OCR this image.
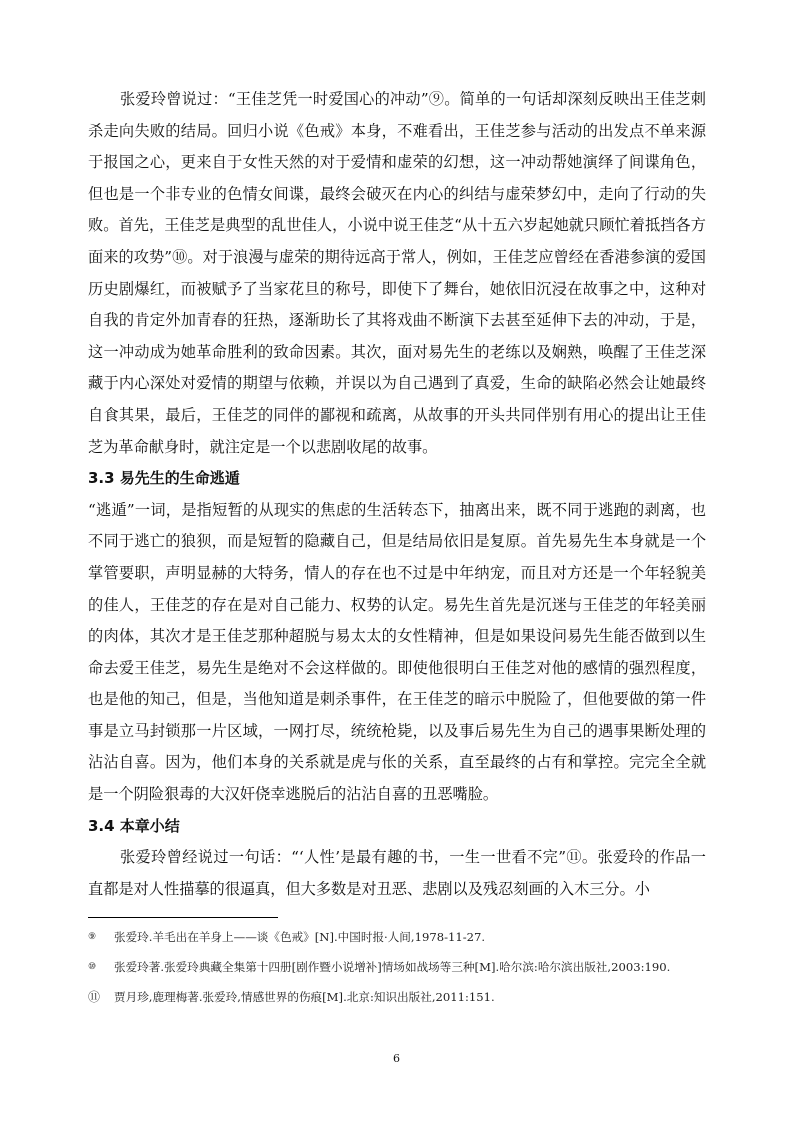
张爱玲曾说过：“王佳芝凭一时爱国心的冲动”⑨。简单的一句话却深刻反映出王佳芝刺杀走向失败的结局。回归小说《色戒》本身，不难看出，王佳芝参与活动的出发点不单来源于报国之心，更来自于女性天然的对于爱情和虚荣的幻想，这一冲动帮她演绎了间谍角色，但也是一个非专业的色情女间谍，最终会破灭在内心的纠结与虚荣梦幻中，走向了行动的失败。首先，王佳芝是典型的乱世佳人，小说中说王佳芝“从十五六岁起她就只顾忙着抵挡各方面来的攻势”⑩。对于浪漫与虚荣的期待远高于常人，例如，王佳芝应曾经在香港参演的爱国历史剧爆红，而被赋予了当家花旦的称号，即使下了舞台，她依旧沉浸在故事之中，这种对自我的肯定外加青春的狂热，逐渐助长了其将戏曲不断演下去甚至延伸下去的冲动，于是，这一冲动成为她革命胜利的致命因素。其次，面对易先生的老练以及娴熟，唤醒了王佳芝深藏于内心深处对爱情的期望与依赖，并误以为自己遇到了真爱，生命的缺陷必然会让她最终自食其果，最后，王佳芝的同伴的鄙视和疏离，从故事的开头共同伴别有用心的提出让王佳芝为革命献身时，就注定是一个以悲剧收尾的故事。

3.3 易先生的生命逃遁

“逃遁”一词，是指短暂的从现实的焦虑的生活转态下，抽离出来，既不同于逃跑的剥离，也不同于逃亡的狼狈，而是短暂的隐藏自己，但是结局依旧是复原。首先易先生本身就是一个掌管要职，声明显赫的大特务，情人的存在也不过是中年纳宠，而且对方还是一个年轻貌美的佳人，王佳芝的存在是对自己能力、权势的认定。易先生首先是沉迷与王佳芝的年轻美丽的肉体，其次才是王佳芝那种超脱与易太太的女性精神，但是如果设问易先生能否做到以生命去爱王佳芝，易先生是绝对不会这样做的。即使他很明白王佳芝对他的感情的强烈程度，也是他的知己，但是，当他知道是刺杀事件，在王佳芝的暗示中脱险了，但他要做的第一件事是立马封锁那一片区域，一网打尽，统统枪毙，以及事后易先生为自己的遇事果断处理的沾沾自喜。因为，他们本身的关系就是虎与伥的关系，直至最终的占有和掌控。完完全全就是一个阴险狠毒的大汉奸侥幸逃脱后的沾沾自喜的丑恶嘴脸。

3.4 本章小结

张爱玲曾经说过一句话：“‘人性’是最有趣的书，一生一世看不完”⑪。张爱玲的作品一直都是对人性描摹的很逼真，但大多数是对丑恶、悲剧以及残忍刻画的入木三分。小

⑨ 张爱玲.羊毛出在羊身上——谈《色戒》[N].中国时报·人间,1978-11-27.

⑩ 张爱玲著.张爱玲典藏全集第十四册[剧作暨小说增补]情场如战场等三种[M].哈尔滨:哈尔滨出版社,2003:190.

⑪ 贾月珍,鹿理梅著.张爱玲,情感世界的伤痕[M].北京:知识出版社,2011:151.

6
